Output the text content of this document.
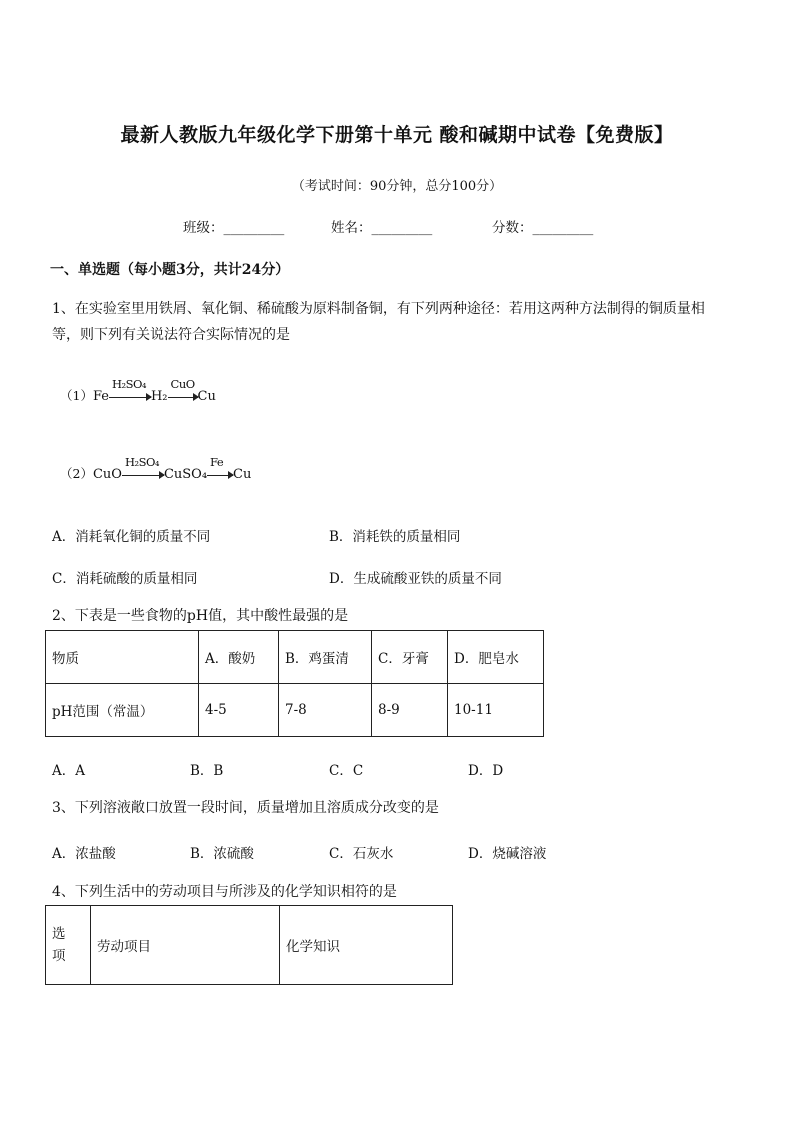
最新人教版九年级化学下册第十单元 酸和碱期中试卷【免费版】
（考试时间：90分钟，总分100分）
班级：_________	姓名：_________	分数：_________
一、单选题（每小题3分，共计24分）
1、在实验室里用铁屑、氧化铜、稀硫酸为原料制备铜，有下列两种途径：若用这两种方法制得的铜质量相
等，则下列有关说法符合实际情况的是
（1）Fe
H₂SO₄
H₂
CuO
Cu
（2）CuO
H₂SO₄
CuSO₄
Fe
Cu
A．消耗氧化铜的质量不同	B．消耗铁的质量相同
C．消耗硫酸的质量相同	D．生成硫酸亚铁的质量不同
2、下表是一些食物的pH值，其中酸性最强的是
物质	A．酸奶	B．鸡蛋清	C．牙膏	D．肥皂水
pH范围（常温）	4-5	7-8	8-9	10-11
A．A	B．B	C．C	D．D
3、下列溶液敞口放置一段时间，质量增加且溶质成分改变的是
A．浓盐酸	B．浓硫酸	C．石灰水	D．烧碱溶液
4、下列生活中的劳动项目与所涉及的化学知识相符的是
选
项
	劳动项目	化学知识
